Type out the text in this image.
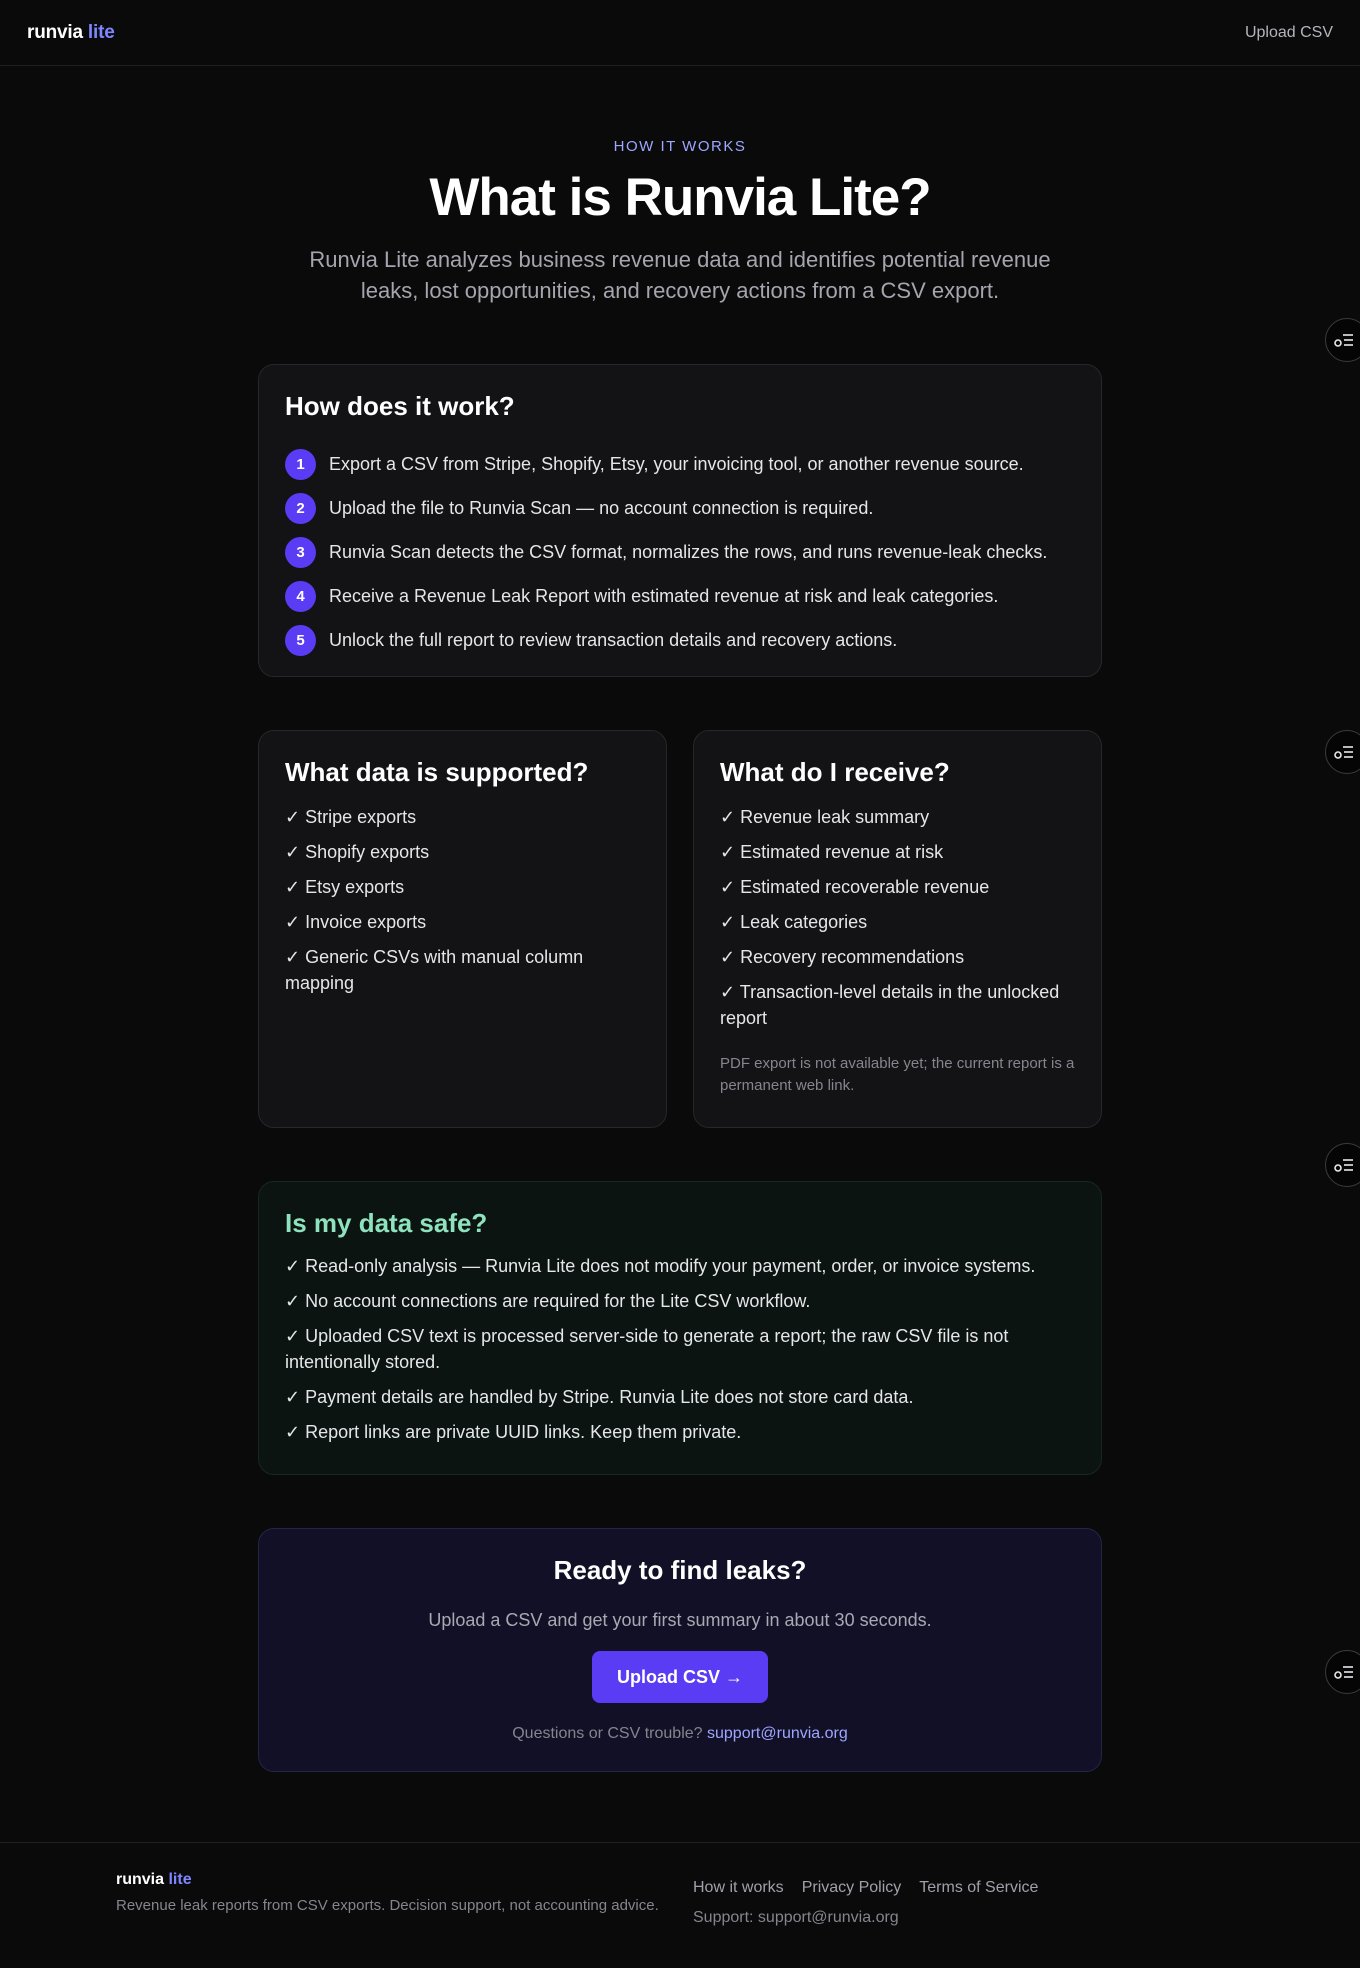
runvia lite	Upload CSV
HOW IT WORKS
What is Runvia Lite?

Runvia Lite analyzes business revenue data and identifies potential revenue leaks, lost opportunities, and recovery actions from a CSV export.

How does it work?
1	Export a CSV from Stripe, Shopify, Etsy, your invoicing tool, or another revenue source.
2	Upload the file to Runvia Scan — no account connection is required.
3	Runvia Scan detects the CSV format, normalizes the rows, and runs revenue-leak checks.
4	Receive a Revenue Leak Report with estimated revenue at risk and leak categories.
5	Unlock the full report to review transaction details and recovery actions.
What data is supported?
✓ Stripe exports
✓ Shopify exports
✓ Etsy exports
✓ Invoice exports
✓ Generic CSVs with manual column mapping
What do I receive?
✓ Revenue leak summary
✓ Estimated revenue at risk
✓ Estimated recoverable revenue
✓ Leak categories
✓ Recovery recommendations
✓ Transaction-level details in the unlocked report

PDF export is not available yet; the current report is a permanent web link.

Is my data safe?
✓ Read-only analysis — Runvia Lite does not modify your payment, order, or invoice systems.
✓ No account connections are required for the Lite CSV workflow.
✓ Uploaded CSV text is processed server-side to generate a report; the raw CSV file is not intentionally stored.
✓ Payment details are handled by Stripe. Runvia Lite does not store card data.
✓ Report links are private UUID links. Keep them private.
Ready to find leaks?

Upload a CSV and get your first summary in about 30 seconds.

Upload CSV →

Questions or CSV trouble? support@runvia.org

runvia lite

Revenue leak reports from CSV exports. Decision support, not accounting advice.

How it works Privacy Policy Terms of Service

Support: support@runvia.org
